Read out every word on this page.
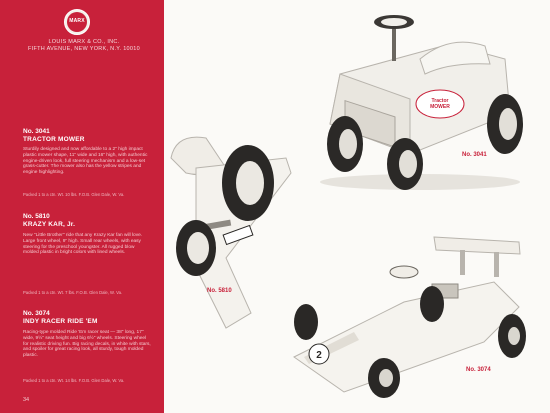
MARX
LOUIS MARX & CO., INC.
FIFTH AVENUE, NEW YORK, N.Y. 10010
No. 3041
TRACTOR MOWER
Sturdily designed and now affordable to a 2" high impact plastic mower shape, 11" wide and 16" high, with authentic engine-driven look, full steering mechanism and a low-set grass-cutter. The mower also has the yellow stripes and engine highlighting.
Packed 1 to a ctn. Wt. 10 lbs. F.O.B. Glen Dale, W. Va.
No. 5810
KRAZY KAR, Jr.
New "Little Brother" ride that any Krazy Kar fan will love. Large front wheel, 9" high. Small rear wheels, with easy steering for the preschool youngster. All rugged blow molded plastic in bright colors with lined wheels.
Packed 1 to a ctn. Wt. 7 lbs. F.O.B. Glen Dale, W. Va.
No. 3074
INDY RACER RIDE 'EM
Racing-type molded Ride 'Em racer seat — 38" long, 17" wide, 9½" seat height and big 6½" wheels. Steering wheel for realistic driving fun. Big racing decals, in white with stars, and spoiler for great racing look, all sturdy, tough molded plastic.
Packed 1 to a ctn. Wt. 14 lbs. F.O.B. Glen Dale, W. Va.
34
Tractor
MOWER
No. 3041
No. 5810
2
No. 3074
